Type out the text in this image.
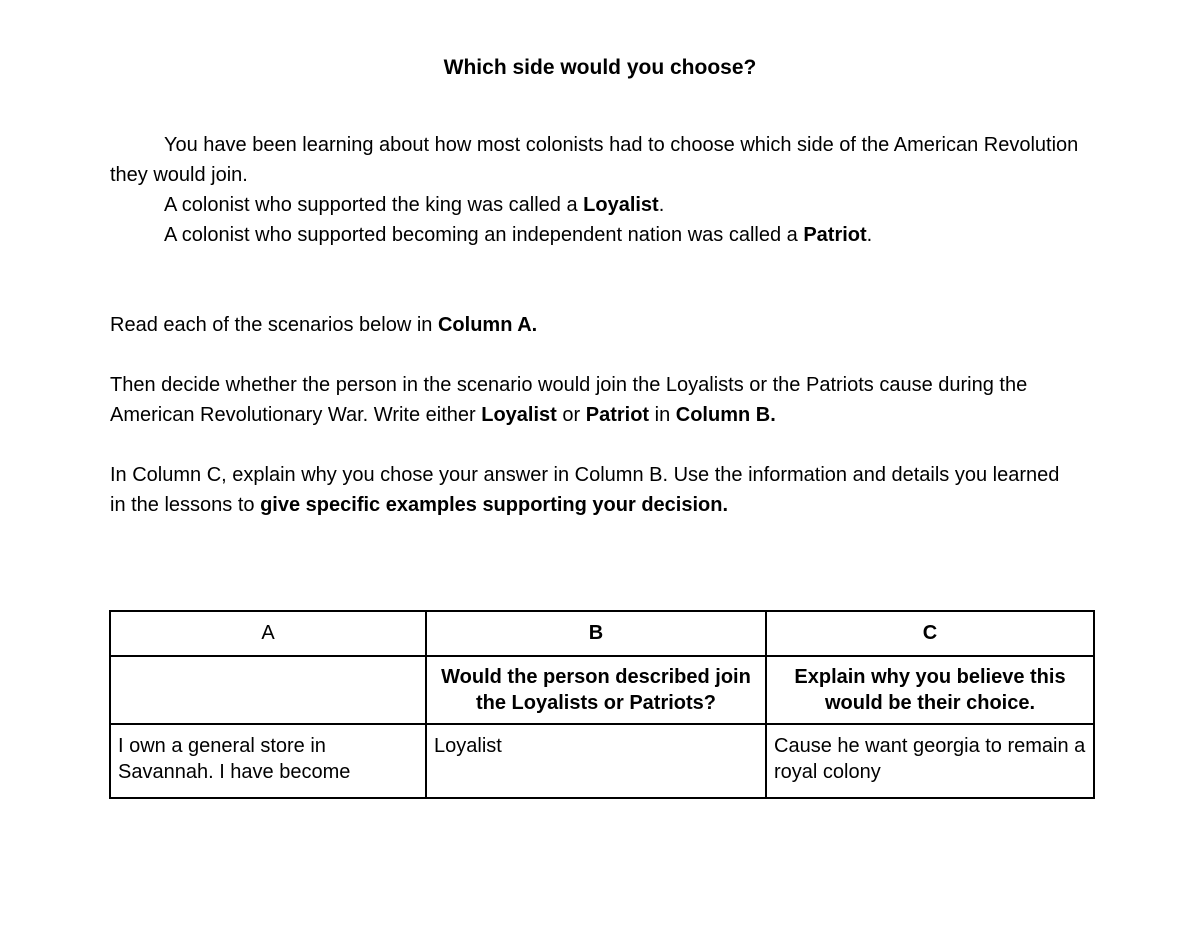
Which side would you choose?
You have been learning about how most colonists had to choose which side of the American Revolution they would join.
A colonist who supported the king was called a Loyalist.
A colonist who supported becoming an independent nation was called a Patriot.
Read each of the scenarios below in Column A.
Then decide whether the person in the scenario would join the Loyalists or the Patriots cause during the American Revolutionary War. Write either Loyalist or Patriot in Column B.
In Column C, explain why you chose your answer in Column B. Use the information and details you learned in the lessons to give specific examples supporting your decision.
A	B	C
	Would the person described join the Loyalists or Patriots?	Explain why you believe this would be their choice.
I own a general store in Savannah. I have become	Loyalist	Cause he want georgia to remain a royal colony
